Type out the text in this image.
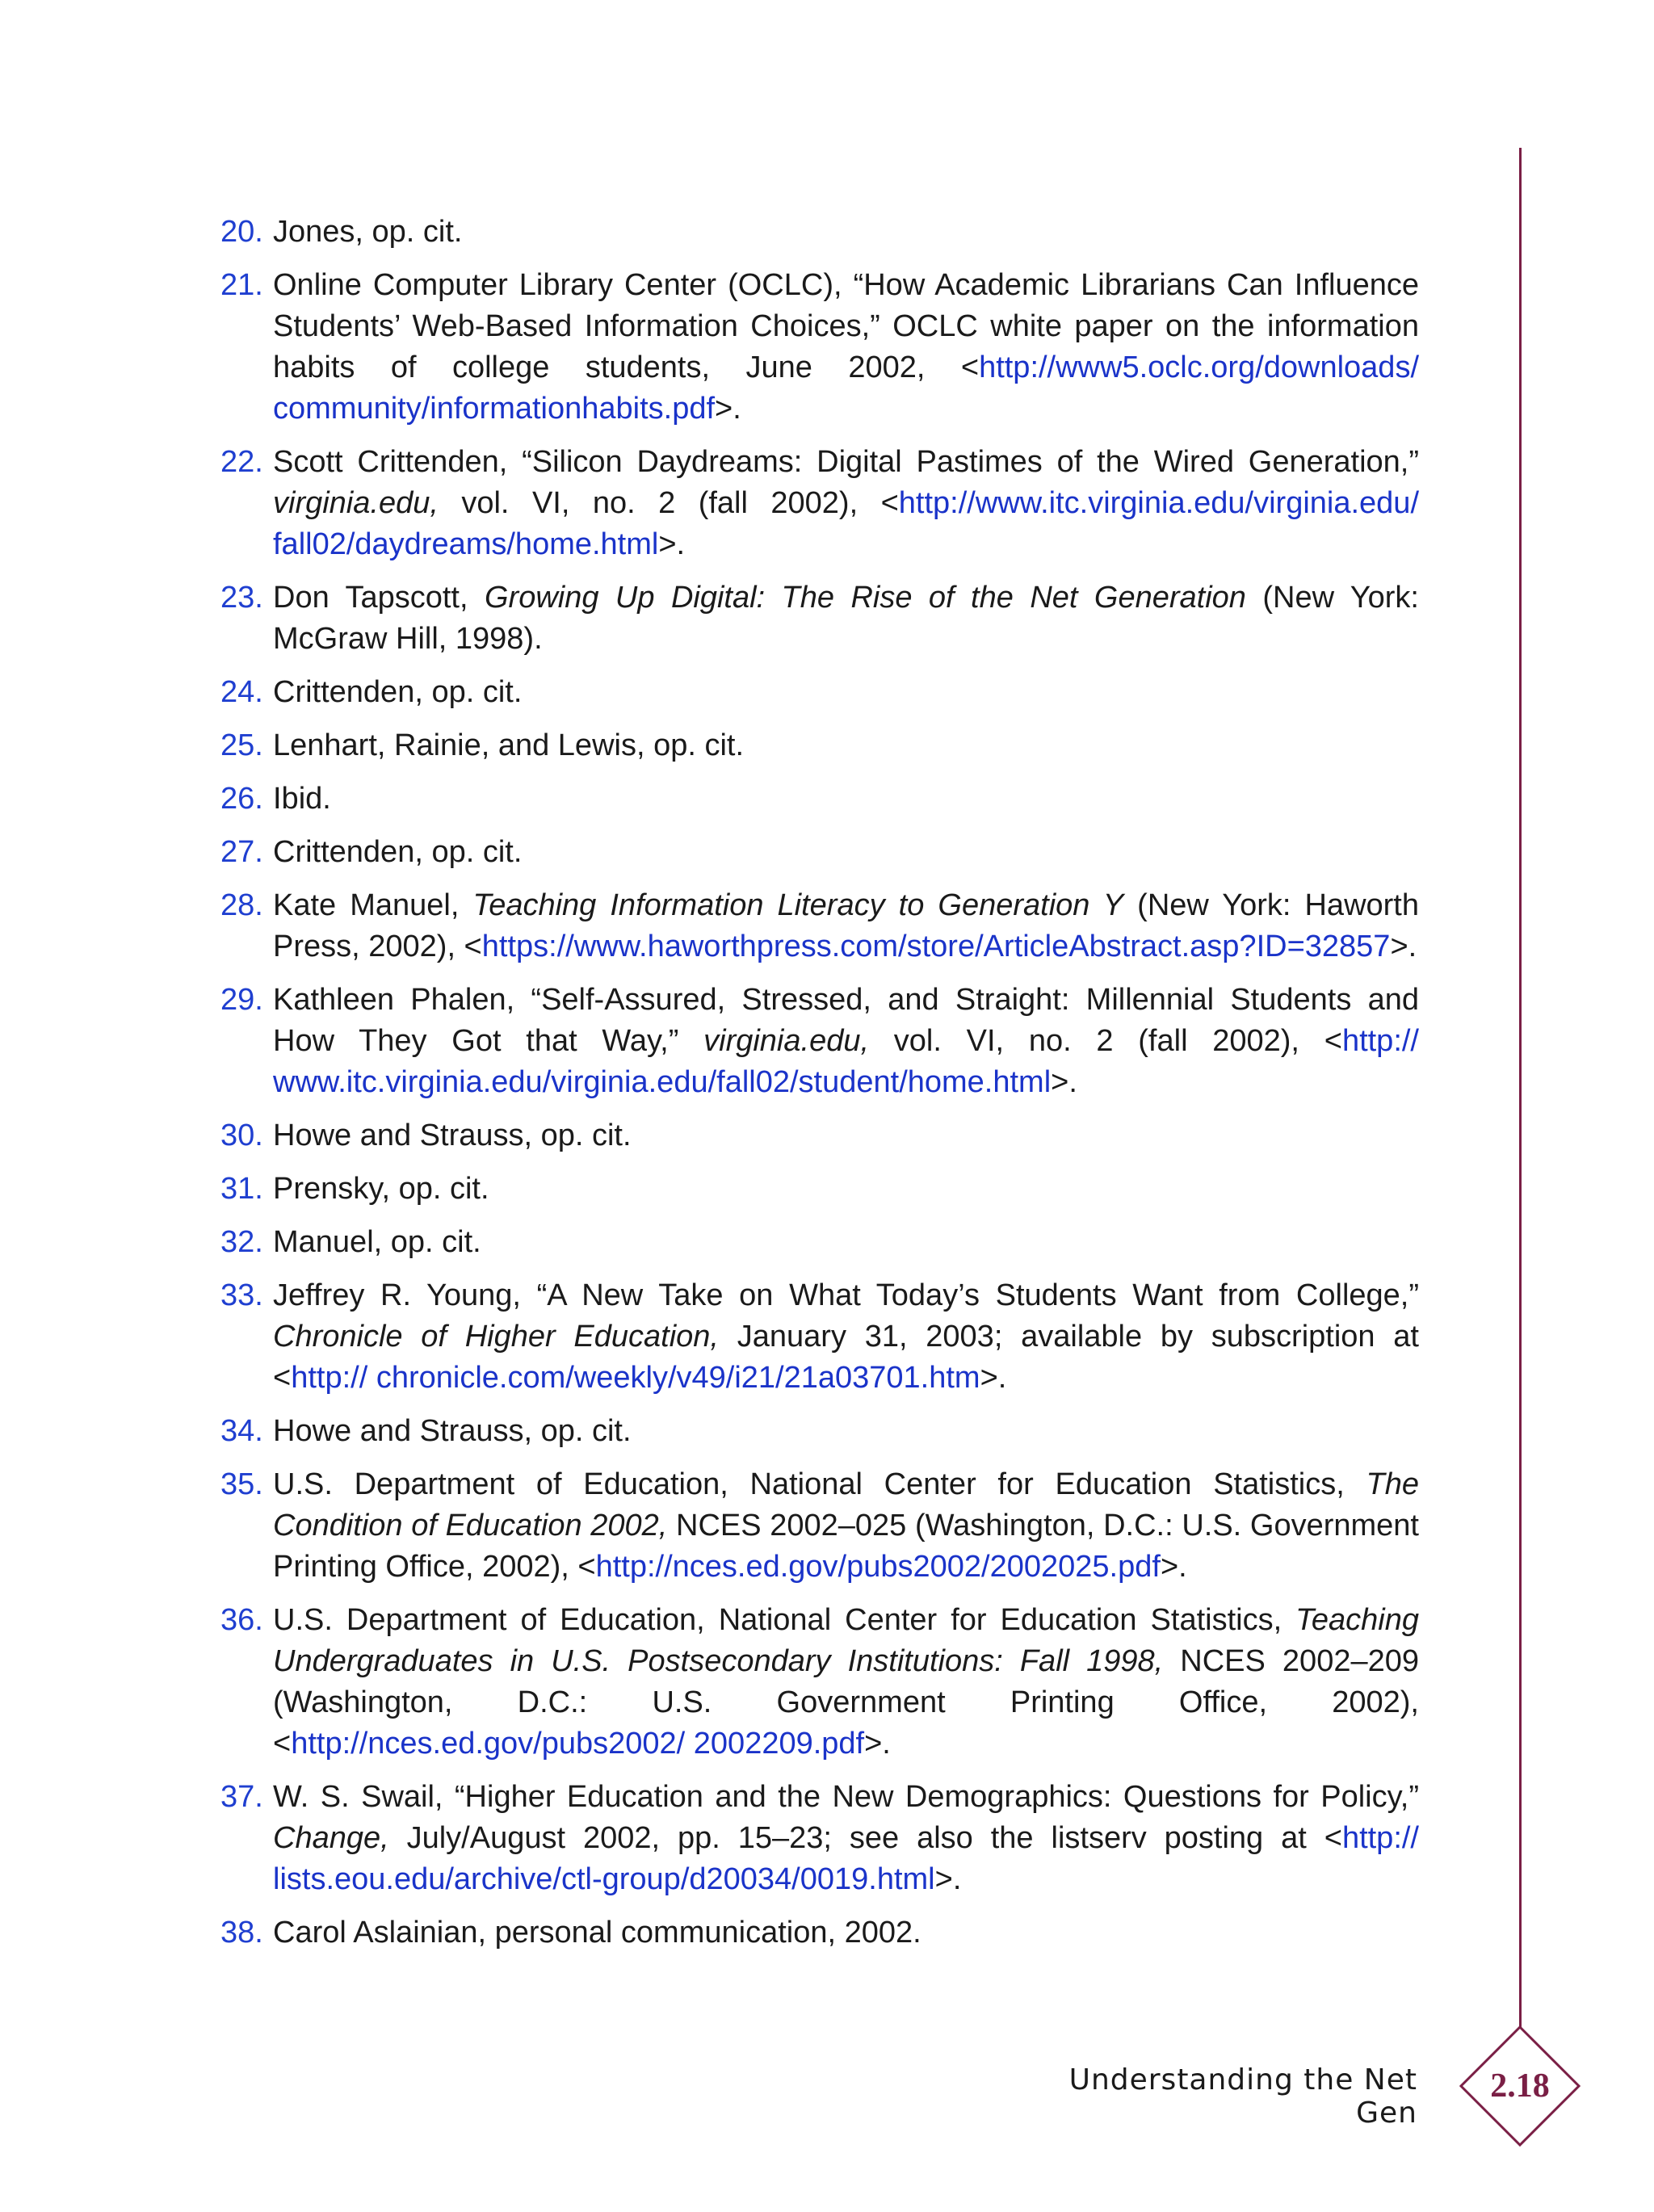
20. Jones, op. cit.
21. Online Computer Library Center (OCLC), “How Academic Librarians Can Influence Students’ Web-Based Information Choices,” OCLC white paper on the information habits of college students, June 2002, <http://www5.oclc.org/downloads/ community/informationhabits.pdf>.
22. Scott Crittenden, “Silicon Daydreams: Digital Pastimes of the Wired Generation,” virginia.edu, vol. VI, no. 2 (fall 2002), <http://www.itc.virginia.edu/virginia.edu/ fall02/daydreams/home.html>.
23. Don Tapscott, Growing Up Digital: The Rise of the Net Generation (New York: McGraw Hill, 1998).
24. Crittenden, op. cit.
25. Lenhart, Rainie, and Lewis, op. cit.
26. Ibid.
27. Crittenden, op. cit.
28. Kate Manuel, Teaching Information Literacy to Generation Y (New York: Haworth Press, 2002), <https://www.haworthpress.com/store/ArticleAbstract.asp?ID=32857>.
29. Kathleen Phalen, “Self-Assured, Stressed, and Straight: Millennial Students and How They Got that Way,” virginia.edu, vol. VI, no. 2 (fall 2002), <http:// www.itc.virginia.edu/virginia.edu/fall02/student/home.html>.
30. Howe and Strauss, op. cit.
31. Prensky, op. cit.
32. Manuel, op. cit.
33. Jeffrey R. Young, “A New Take on What Today’s Students Want from College,” Chronicle of Higher Education, January 31, 2003; available by subscription at <http:// chronicle.com/weekly/v49/i21/21a03701.htm>.
34. Howe and Strauss, op. cit.
35. U.S. Department of Education, National Center for Education Statistics, The Condition of Education 2002, NCES 2002–025 (Washington, D.C.: U.S. Government Printing Office, 2002), <http://nces.ed.gov/pubs2002/2002025.pdf>.
36. U.S. Department of Education, National Center for Education Statistics, Teaching Undergraduates in U.S. Postsecondary Institutions: Fall 1998, NCES 2002–209 (Washington, D.C.: U.S. Government Printing Office, 2002), <http://nces.ed.gov/pubs2002/ 2002209.pdf>.
37. W. S. Swail, “Higher Education and the New Demographics: Questions for Policy,” Change, July/August 2002, pp. 15–23; see also the listserv posting at <http:// lists.eou.edu/archive/ctl-group/d20034/0019.html>.
38. Carol Aslainian, personal communication, 2002.
Understanding the Net Gen
2.18
